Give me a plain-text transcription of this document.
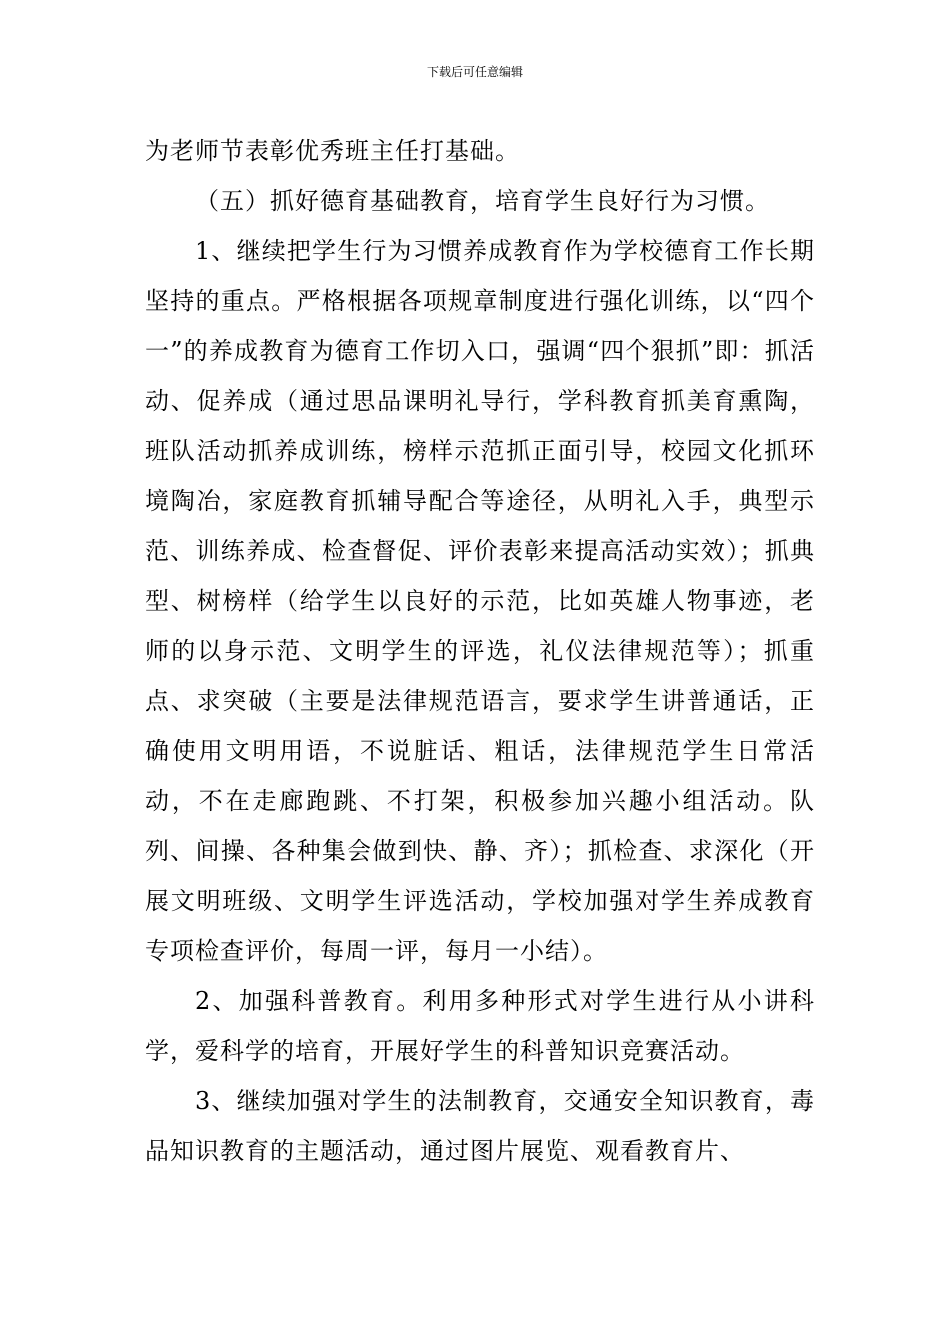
下载后可任意编辑

为老师节表彰优秀班主任打基础。

（五）抓好德育基础教育，培育学生良好行为习惯。

1、继续把学生行为习惯养成教育作为学校德育工作长期坚持的重点。严格根据各项规章制度进行强化训练，以“四个一”的养成教育为德育工作切入口，强调“四个狠抓”即：抓活动、促养成（通过思品课明礼导行，学科教育抓美育熏陶，班队活动抓养成训练，榜样示范抓正面引导，校园文化抓环境陶冶，家庭教育抓辅导配合等途径，从明礼入手，典型示范、训练养成、检查督促、评价表彰来提高活动实效）；抓典型、树榜样（给学生以良好的示范，比如英雄人物事迹，老师的以身示范、文明学生的评选，礼仪法律规范等）；抓重点、求突破（主要是法律规范语言，要求学生讲普通话，正确使用文明用语，不说脏话、粗话，法律规范学生日常活动，不在走廊跑跳、不打架，积极参加兴趣小组活动。队列、间操、各种集会做到快、静、齐）；抓检查、求深化（开展文明班级、文明学生评选活动，学校加强对学生养成教育专项检查评价，每周一评，每月一小结）。

2、加强科普教育。利用多种形式对学生进行从小讲科学，爱科学的培育，开展好学生的科普知识竞赛活动。

3、继续加强对学生的法制教育，交通安全知识教育，毒品知识教育的主题活动，通过图片展览、观看教育片、
